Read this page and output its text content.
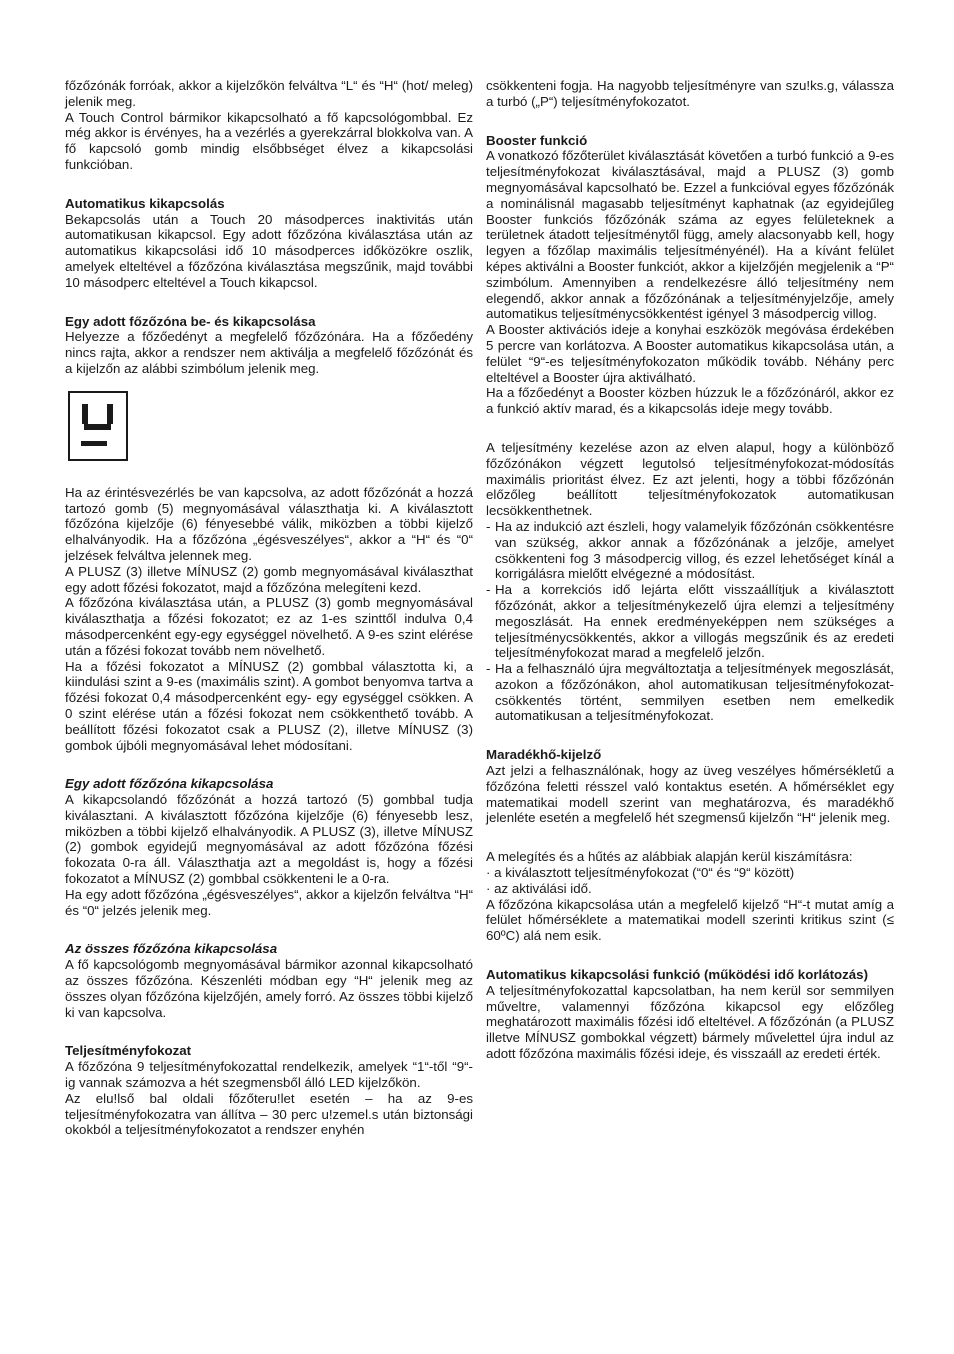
főzőzónák forróak, akkor a kijelzőkön felváltva “L“ és “H“ (hot/ meleg) jelenik meg.

A Touch Control bármikor kikapcsolható a fő kapcsológombbal. Ez még akkor is érvényes, ha a vezérlés a gyerekzárral blokkolva van. A fő kapcsoló gomb mindig elsőbbséget élvez a kikapcsolási funkcióban.

Automatikus kikapcsolás

Bekapcsolás után a Touch 20 másodperces inaktivitás után automatikusan kikapcsol. Egy adott főzőzóna kiválasztása után az automatikus kikapcsolási idő 10 másodperces időközökre oszlik, amelyek elteltével a főzőzóna kiválasztása megszűnik, majd további 10 másodperc elteltével a Touch kikapcsol.

Egy adott főzőzóna be- és kikapcsolása

Helyezze a főzőedényt a megfelelő főzőzónára. Ha a főzőedény nincs rajta, akkor a rendszer nem aktiválja a megfelelő főzőzónát és a kijelzőn az alábbi szimbólum jelenik meg.

Ha az érintésvezérlés be van kapcsolva, az adott főzőzónát a hozzá tartozó gomb (5) megnyomásával választhatja ki. A kiválasztott főzőzóna kijelzője (6) fényesebbé válik, miközben a többi kijelző elhalványodik. Ha a főzőzóna „égésveszélyes“, akkor a “H“ és “0“ jelzések felváltva jelennek meg.

A PLUSZ (3) illetve MÍNUSZ (2) gomb megnyomásával kiválaszthat egy adott főzési fokozatot, majd a főzőzóna melegíteni kezd.

A főzőzóna kiválasztása után, a PLUSZ (3) gomb megnyomásával kiválaszthatja a főzési fokozatot; ez az 1-es szinttől indulva 0,4 másodpercenként egy-egy egységgel növelhető. A 9-es szint elérése után a főzési fokozat tovább nem növelhető.

Ha a főzési fokozatot a MÍNUSZ (2) gombbal választotta ki, a kiindulási szint a 9-es (maximális szint). A gombot benyomva tartva a főzési fokozat 0,4 másodpercenként egy- egy egységgel csökken. A 0 szint elérése után a főzési fokozat nem csökkenthető tovább. A beállított főzési fokozatot csak a PLUSZ (2), illetve MÍNUSZ (3) gombok újbóli megnyomásával lehet módosítani.

Egy adott főzőzóna kikapcsolása

A kikapcsolandó főzőzónát a hozzá tartozó (5) gombbal tudja kiválasztani. A kiválasztott főzőzóna kijelzője (6) fényesebb lesz, miközben a többi kijelző elhalványodik. A PLUSZ (3), illetve MÍNUSZ (2) gombok egyidejű megnyomásával az adott főzőzóna főzési fokozata 0-ra áll. Választhatja azt a megoldást is, hogy a főzési fokozatot a MÍNUSZ (2) gombbal csökkenteni le a 0-ra.

Ha egy adott főzőzóna „égésveszélyes“, akkor a kijelzőn felváltva “H“ és “0“ jelzés jelenik meg.

Az összes főzőzóna kikapcsolása

A fő kapcsológomb megnyomásával bármikor azonnal kikapcsolható az összes főzőzóna. Készenléti módban egy “H“ jelenik meg az összes olyan főzőzóna kijelzőjén, amely forró. Az összes többi kijelző ki van kapcsolva.

Teljesítményfokozat

A főzőzóna 9 teljesítményfokozattal rendelkezik, amelyek “1“-től “9“-ig vannak számozva a hét szegmensből álló LED kijelzőkön.

Az elu!lső bal oldali főzőteru!let esetén – ha az 9-es teljesítményfokozatra van állítva – 30 perc u!zemel.s után biztonsági okokból a teljesítményfokozatot a rendszer enyhén

csökkenteni fogja. Ha nagyobb teljesítményre van szu!ks.g, válassza a turbó („P“) teljesítményfokozatot.

Booster funkció

A vonatkozó főzőterület kiválasztását követően a turbó funkció a 9-es teljesítményfokozat kiválasztásával, majd a PLUSZ (3) gomb megnyomásával kapcsolható be. Ezzel a funkcióval egyes főzőzónák a nominálisnál magasabb teljesítményt kaphatnak (az egyidejűleg Booster funkciós főzőzónák száma az egyes felületeknek a területnek átadott teljesítménytől függ, amely alacsonyabb kell, hogy legyen a főzőlap maximális teljesítményénél). Ha a kívánt felület képes aktiválni a Booster funkciót, akkor a kijelzőjén megjelenik a “P“ szimbólum. Amennyiben a rendelkezésre álló teljesítmény nem elegendő, akkor annak a főzőzónának a teljesítményjelzője, amely automatikus teljesítménycsökkentést igényel 3 másodpercig villog.

A Booster aktivációs ideje a konyhai eszközök megóvása érdekében 5 percre van korlátozva. A Booster automatikus kikapcsolása után, a felület “9“-es teljesítményfokozaton működik tovább. Néhány perc elteltével a Booster újra aktiválható.

Ha a főzőedényt a Booster közben húzzuk le a főzőzónáról, akkor ez a funkció aktív marad, és a kikapcsolás ideje megy tovább.

A teljesítmény kezelése azon az elven alapul, hogy a különböző főzőzónákon végzett legutolsó teljesítményfokozat-módosítás maximális prioritást élvez. Ez azt jelenti, hogy a többi főzőzónán előzőleg beállított teljesítményfokozatok automatikusan lecsökkenthetnek.

- Ha az indukció azt észleli, hogy valamelyik főzőzónán csökkentésre van szükség, akkor annak a főzőzónának a jelzője, amelyet csökkenteni fog 3 másodpercig villog, és ezzel lehetőséget kínál a korrigálásra mielőtt elvégezné a módosítást.
- Ha a korrekciós idő lejárta előtt visszaállítjuk a kiválasztott főzőzónát, akkor a teljesítménykezelő újra elemzi a teljesítmény megoszlását. Ha ennek eredményeképpen nem szükséges a teljesítménycsökkentés, akkor a villogás megszűnik és az eredeti teljesítményfokozat marad a megfelelő jelzőn.
- Ha a felhasználó újra megváltoztatja a teljesítmények megoszlását, azokon a főzőzónákon, ahol automatikusan teljesítményfokozat-csökkentés történt, semmilyen esetben nem emelkedik automatikusan a teljesítményfokozat.

Maradékhő-kijelző

Azt jelzi a felhasználónak, hogy az üveg veszélyes hőmérsékletű a főzőzóna feletti résszel való kontaktus esetén. A hőmérséklet egy matematikai modell szerint van meghatározva, és maradékhő jelenléte esetén a megfelelő hét szegmensű kijelzőn “H“ jelenik meg.

A melegítés és a hűtés az alábbiak alapján kerül kiszámításra:

· a kiválasztott teljesítményfokozat (“0“ és “9“ között)

· az aktiválási idő.

A főzőzóna kikapcsolása után a megfelelő kijelző “H“-t mutat amíg a felület hőmérséklete a matematikai modell szerinti kritikus szint (≤ 60ºC) alá nem esik.

Automatikus kikapcsolási funkció (működési idő korlátozás)

A teljesítményfokozattal kapcsolatban, ha nem kerül sor semmilyen műveltre, valamennyi főzőzóna kikapcsol egy előzőleg meghatározott maximális főzési idő elteltével. A főzőzónán (a PLUSZ illetve MÍNUSZ gombokkal végzett) bármely művelettel újra indul az adott főzőzóna maximális főzési ideje, és visszaáll az eredeti érték.
